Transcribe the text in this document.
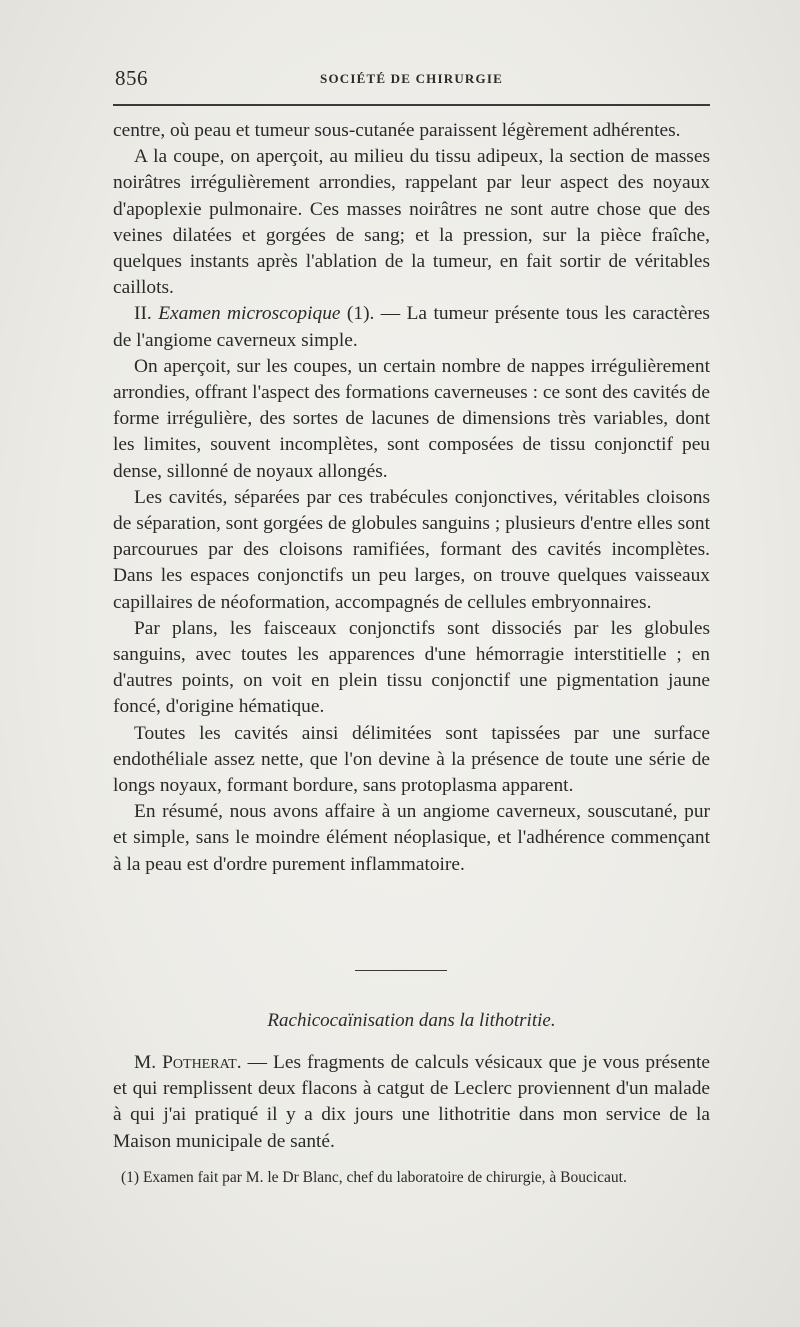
856	SOCIÉTÉ DE CHIRURGIE

centre, où peau et tumeur sous-cutanée paraissent légèrement adhérentes.

A la coupe, on aperçoit, au milieu du tissu adipeux, la section de masses noirâtres irrégulièrement arrondies, rappelant par leur aspect des noyaux d'apoplexie pulmonaire. Ces masses noirâtres ne sont autre chose que des veines dilatées et gorgées de sang; et la pression, sur la pièce fraîche, quelques instants après l'ablation de la tumeur, en fait sortir de véritables caillots.

II. Examen microscopique (1). — La tumeur présente tous les caractères de l'angiome caverneux simple.

On aperçoit, sur les coupes, un certain nombre de nappes irrégulièrement arrondies, offrant l'aspect des formations caverneuses : ce sont des cavités de forme irrégulière, des sortes de lacunes de dimensions très variables, dont les limites, souvent incomplètes, sont composées de tissu conjonctif peu dense, sillonné de noyaux allongés.

Les cavités, séparées par ces trabécules conjonctives, véritables cloisons de séparation, sont gorgées de globules sanguins ; plusieurs d'entre elles sont parcourues par des cloisons ramifiées, formant des cavités incomplètes. Dans les espaces conjonctifs un peu larges, on trouve quelques vaisseaux capillaires de néoformation, accompagnés de cellules embryonnaires.

Par plans, les faisceaux conjonctifs sont dissociés par les globules sanguins, avec toutes les apparences d'une hémorragie interstitielle ; en d'autres points, on voit en plein tissu conjonctif une pigmentation jaune foncé, d'origine hématique.

Toutes les cavités ainsi délimitées sont tapissées par une surface endothéliale assez nette, que l'on devine à la présence de toute une série de longs noyaux, formant bordure, sans protoplasma apparent.

En résumé, nous avons affaire à un angiome caverneux, souscutané, pur et simple, sans le moindre élément néoplasique, et l'adhérence commençant à la peau est d'ordre purement inflammatoire.

Rachicocaïnisation dans la lithotritie.

M. Potherat. — Les fragments de calculs vésicaux que je vous présente et qui remplissent deux flacons à catgut de Leclerc proviennent d'un malade à qui j'ai pratiqué il y a dix jours une lithotritie dans mon service de la Maison municipale de santé.

(1) Examen fait par M. le Dr Blanc, chef du laboratoire de chirurgie, à Boucicaut.
